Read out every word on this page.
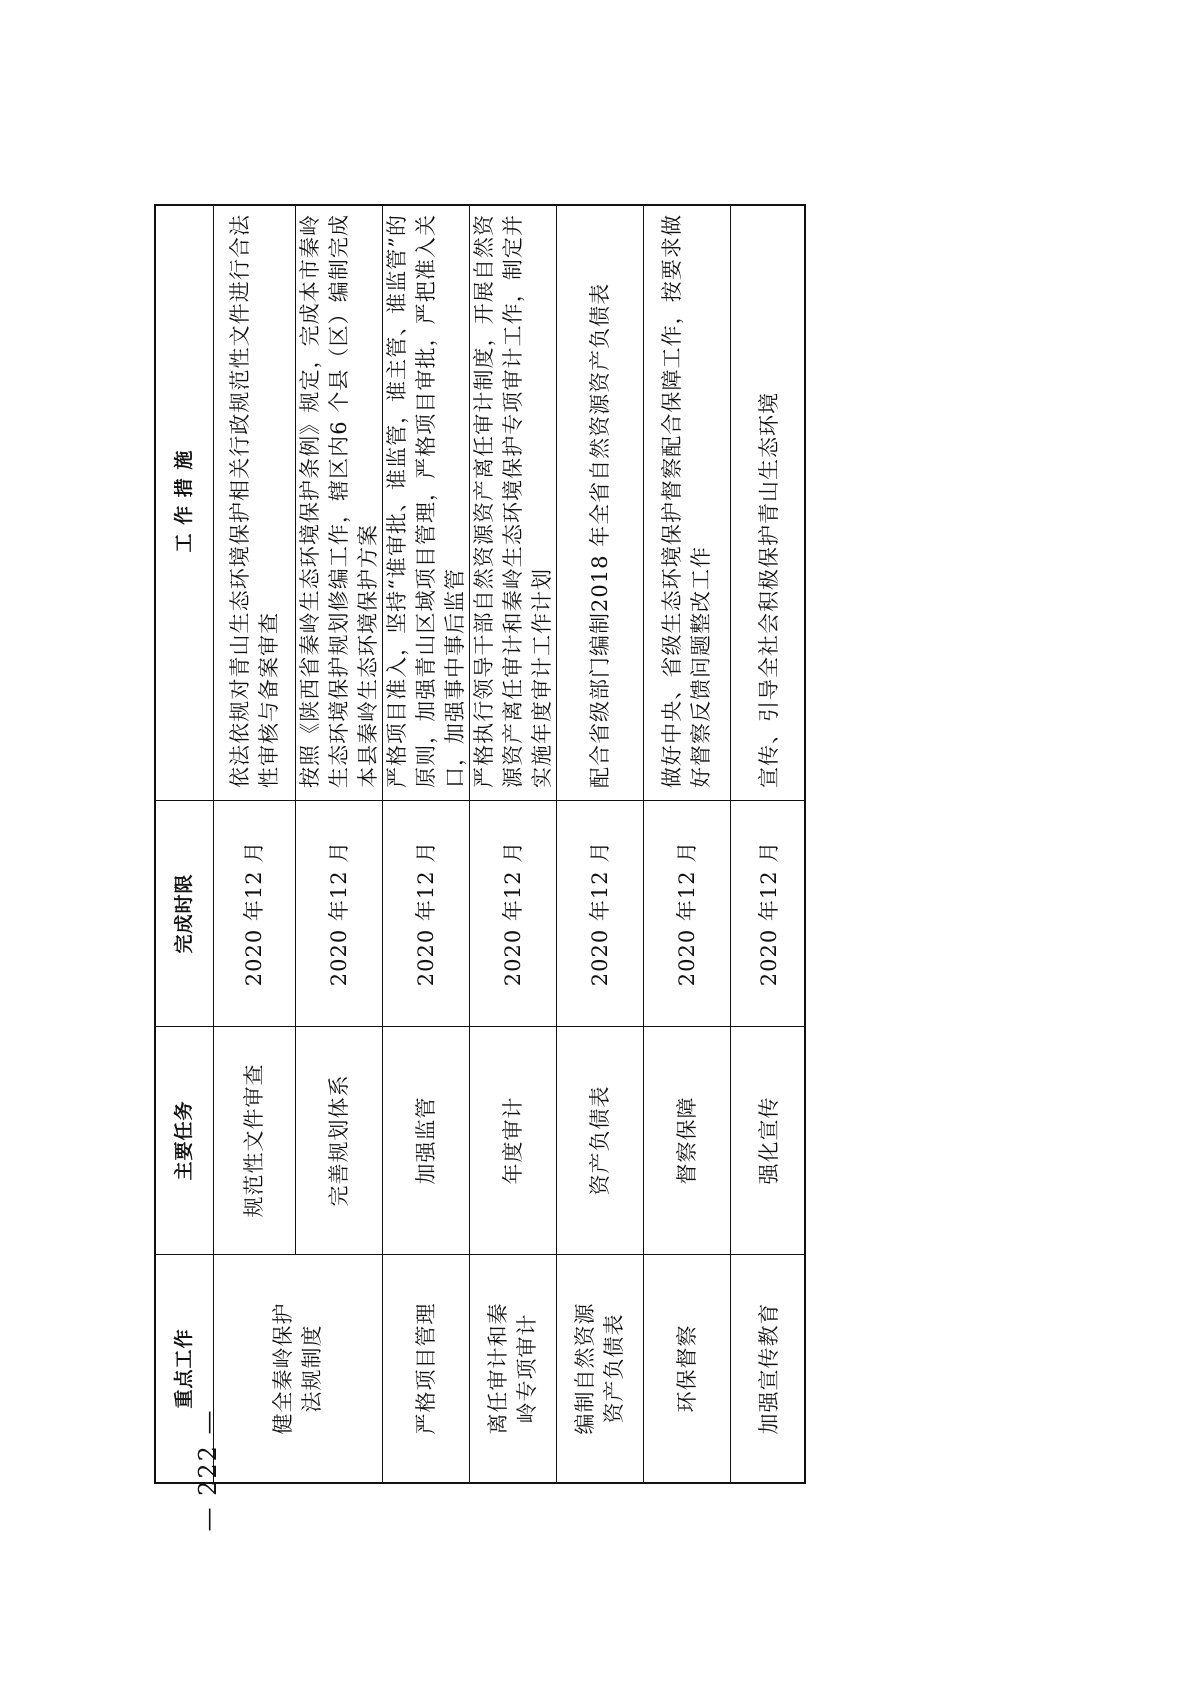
重点工作
主要任务
完成时限
工 作 措 施
健全秦岭保护法规制度
规范性文件审查
2020 年12 月
依法依规对青山生态环境保护相关行政规范性文件进行合法性审核与备案审查
完善规划体系
2020 年12 月
按照《陕西省秦岭生态环境保护条例》规定，完成本市秦岭生态环境保护规划修编工作，辖区内6 个县（区）编制完成本县秦岭生态环境保护方案
严格项目管理
加强监管
2020 年12 月
严格项目准入，坚持“谁审批、谁监管，谁主管、谁监管”的原则，加强青山区域项目管理，严格项目审批，严把准入关口，加强事中事后监管
离任审计和秦岭专项审计
年度审计
2020 年12 月
严格执行领导干部自然资源资产离任审计制度，开展自然资源资产离任审计和秦岭生态环境保护专项审计工作，制定并实施年度审计工作计划
编制自然资源资产负债表
资产负债表
2020 年12 月
配合省级部门编制2018 年全省自然资源资产负债表
环保督察
督察保障
2020 年12 月
做好中央、省级生态环境保护督察配合保障工作，按要求做好督察反馈问题整改工作
加强宣传教育
强化宣传
2020 年12 月
宣传、引导全社会积极保护青山生态环境
— 222 —
